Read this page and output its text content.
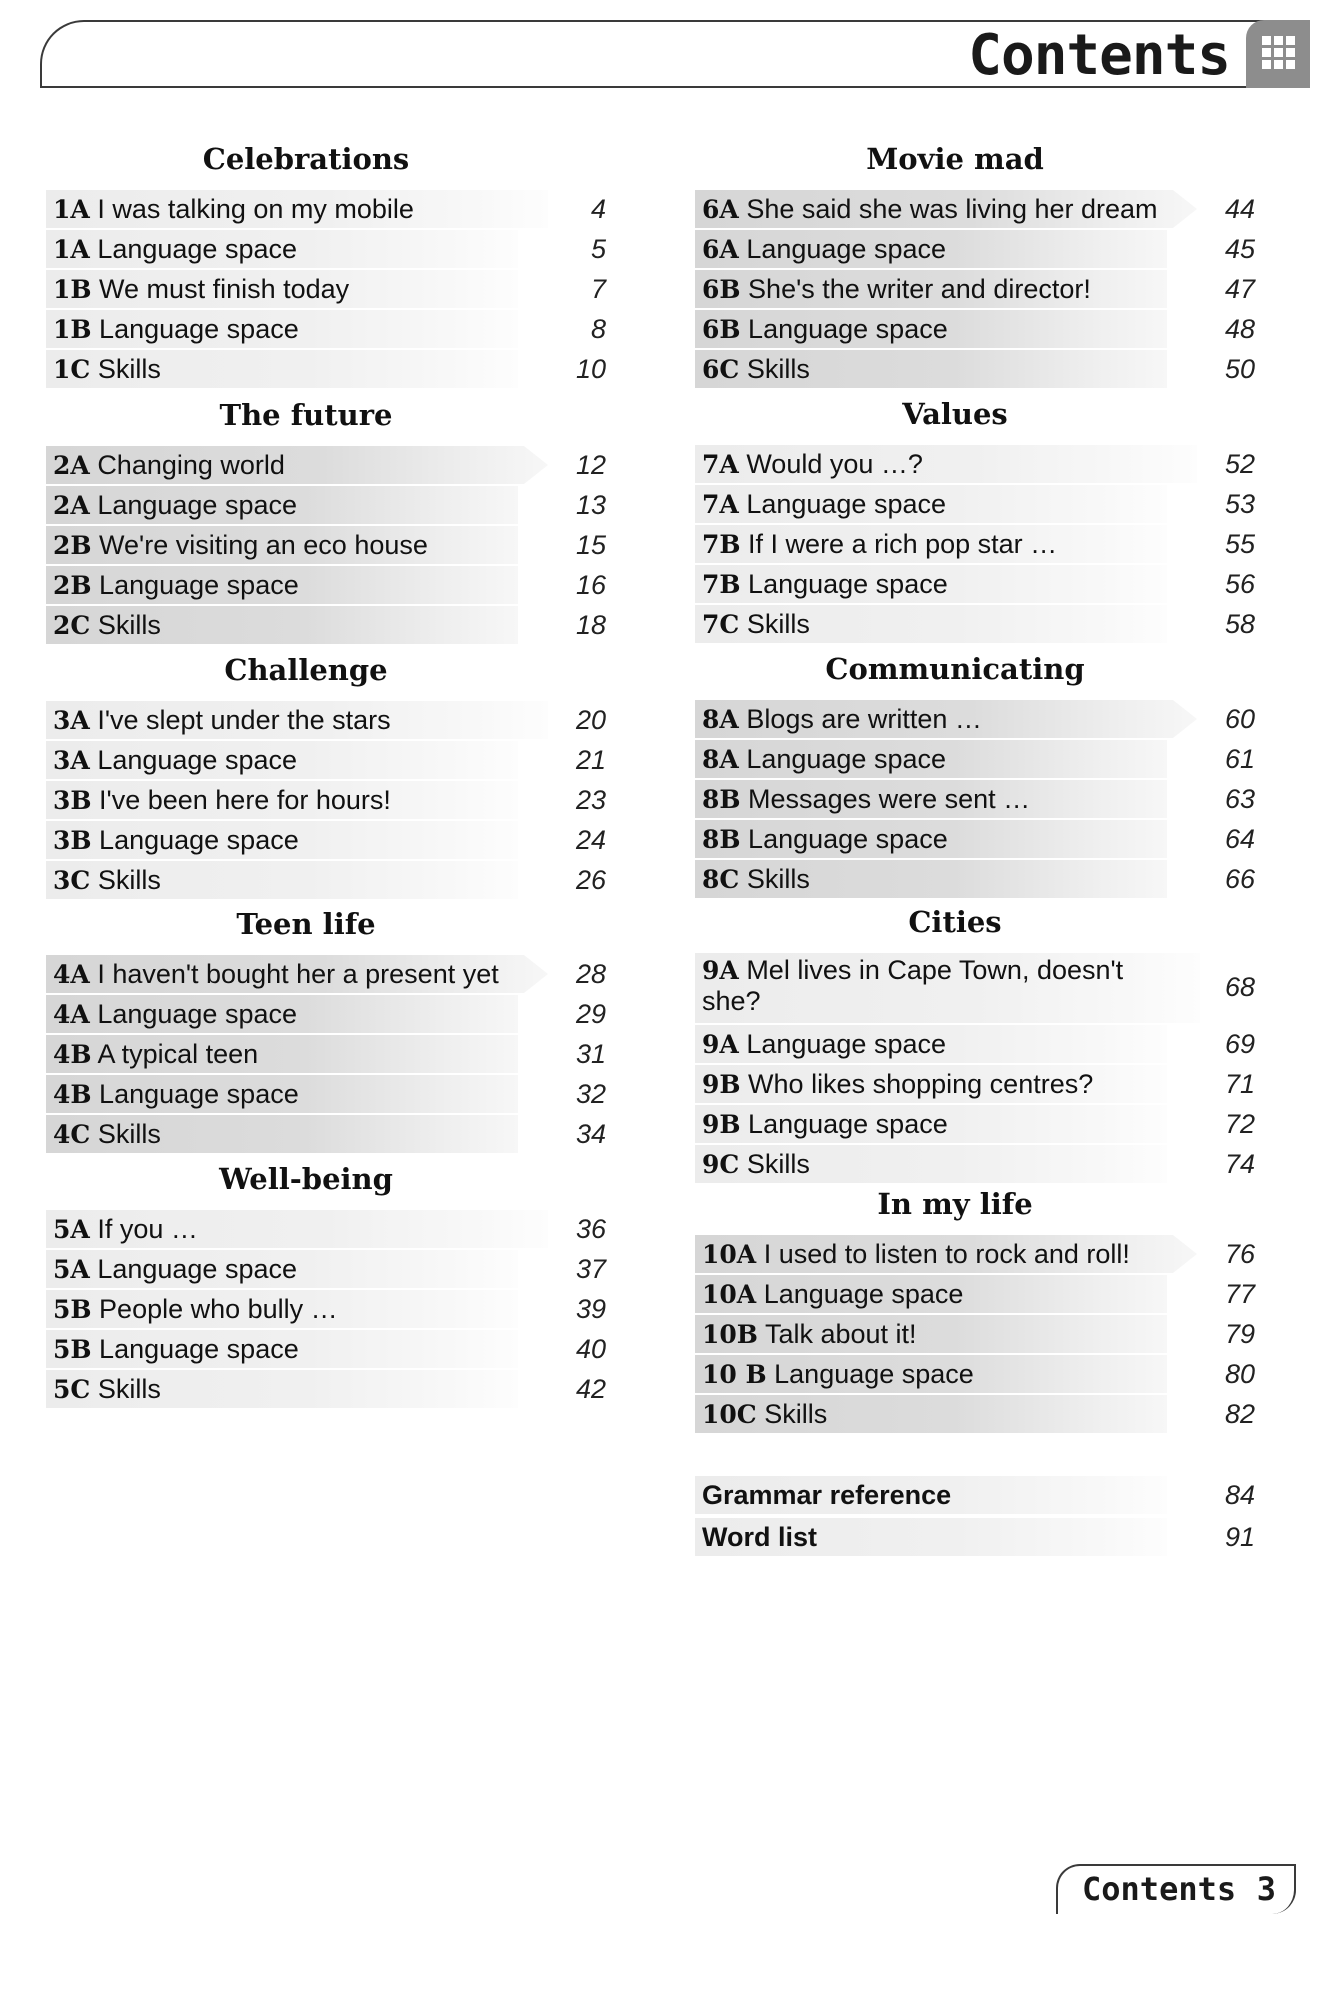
Contents
Celebrations
1A I was talking on my mobile	4
1A Language space	5
1B We must finish today	7
1B Language space	8
1C Skills	10
The future
2A Changing world	12
2A Language space	13
2B We're visiting an eco house	15
2B Language space	16
2C Skills	18
Challenge
3A I've slept under the stars	20
3A Language space	21
3B I've been here for hours!	23
3B Language space	24
3C Skills	26
Teen life
4A I haven't bought her a present yet	28
4A Language space	29
4B A typical teen	31
4B Language space	32
4C Skills	34
Well-being
5A If you …	36
5A Language space	37
5B People who bully …	39
5B Language space	40
5C Skills	42
Movie mad
6A She said she was living her dream	44
6A Language space	45
6B She's the writer and director!	47
6B Language space	48
6C Skills	50
Values
7A Would you …?	52
7A Language space	53
7B If I were a rich pop star …	55
7B Language space	56
7C Skills	58
Communicating
8A Blogs are written …	60
8A Language space	61
8B Messages were sent …	63
8B Language space	64
8C Skills	66
Cities
9A Mel lives in Cape Town, doesn't she?	68
9A Language space	69
9B Who likes shopping centres?	71
9B Language space	72
9C Skills	74
In my life
10A I used to listen to rock and roll!	76
10A Language space	77
10B Talk about it!	79
10 B Language space	80
10C Skills	82
Grammar reference	84
Word list	91
Contents 3
